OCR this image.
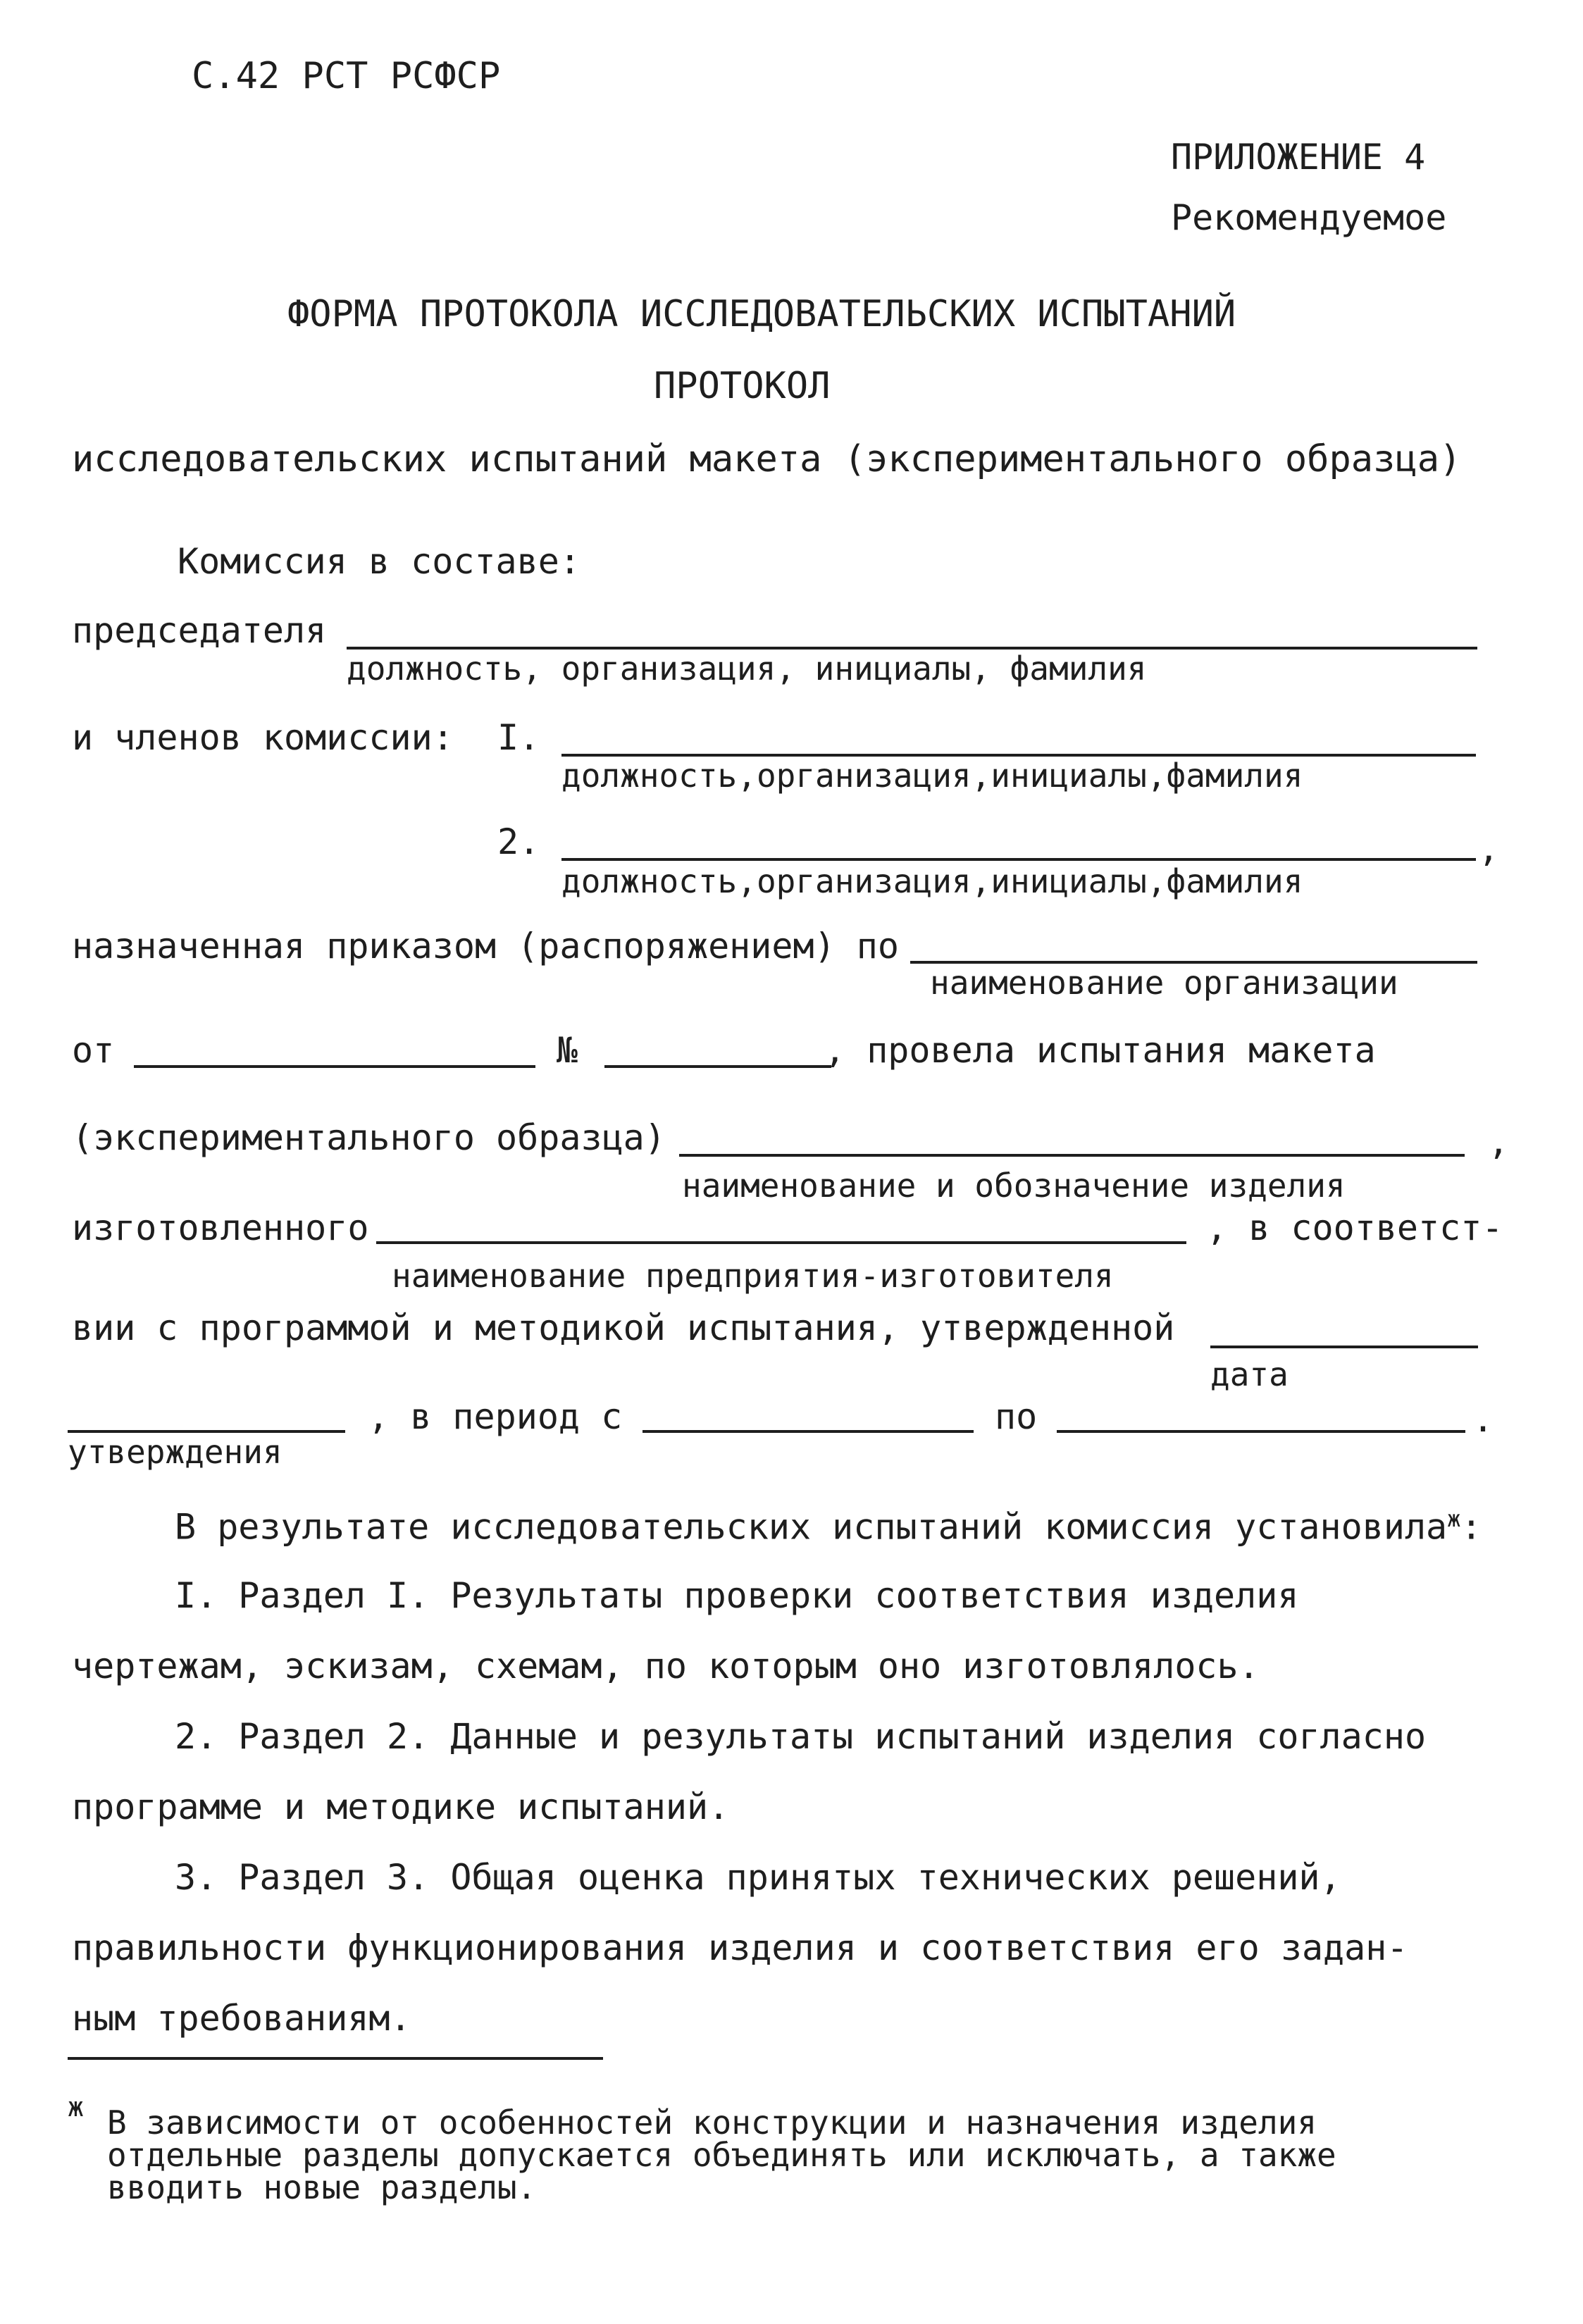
С.42 РСТ РСФСР
ПРИЛОЖЕНИЕ 4
Рекомендуемое
ФОРМА ПРОТОКОЛА ИССЛЕДОВАТЕЛЬСКИХ ИСПЫТАНИЙ
ПРОТОКОЛ
исследовательских испытаний макета (экспериментального образца)
Комиссия в составе:
председателя
должность, организация, инициалы, фамилия
и членов комиссии: I.
должность,организация,инициалы,фамилия
2.	,
должность,организация,инициалы,фамилия
назначенная приказом (распоряжением) по
наименование организации
от	№	, провела испытания макета
(экспериментального образца)	,
наименование и обозначение изделия
изготовленного	, в соответст-
наименование предприятия-изготовителя
вии с программой и методикой испытания, утвержденной
дата
утверждения
, в период с	по	.
В результате исследовательских испытаний комиссия установила$^ж$:
I. Раздел I. Результаты проверки соответствия изделия
чертежам, эскизам, схемам, по которым оно изготовлялось.
2. Раздел 2. Данные и результаты испытаний изделия согласно
программе и методике испытаний.
3. Раздел 3. Общая оценка принятых технических решений,
правильности функционирования изделия и соответствия его задан-
ным требованиям.
ж В зависимости от особенностей конструкции и назначения изделия
отдельные разделы допускается объединять или исключать, а также
вводить новые разделы.
